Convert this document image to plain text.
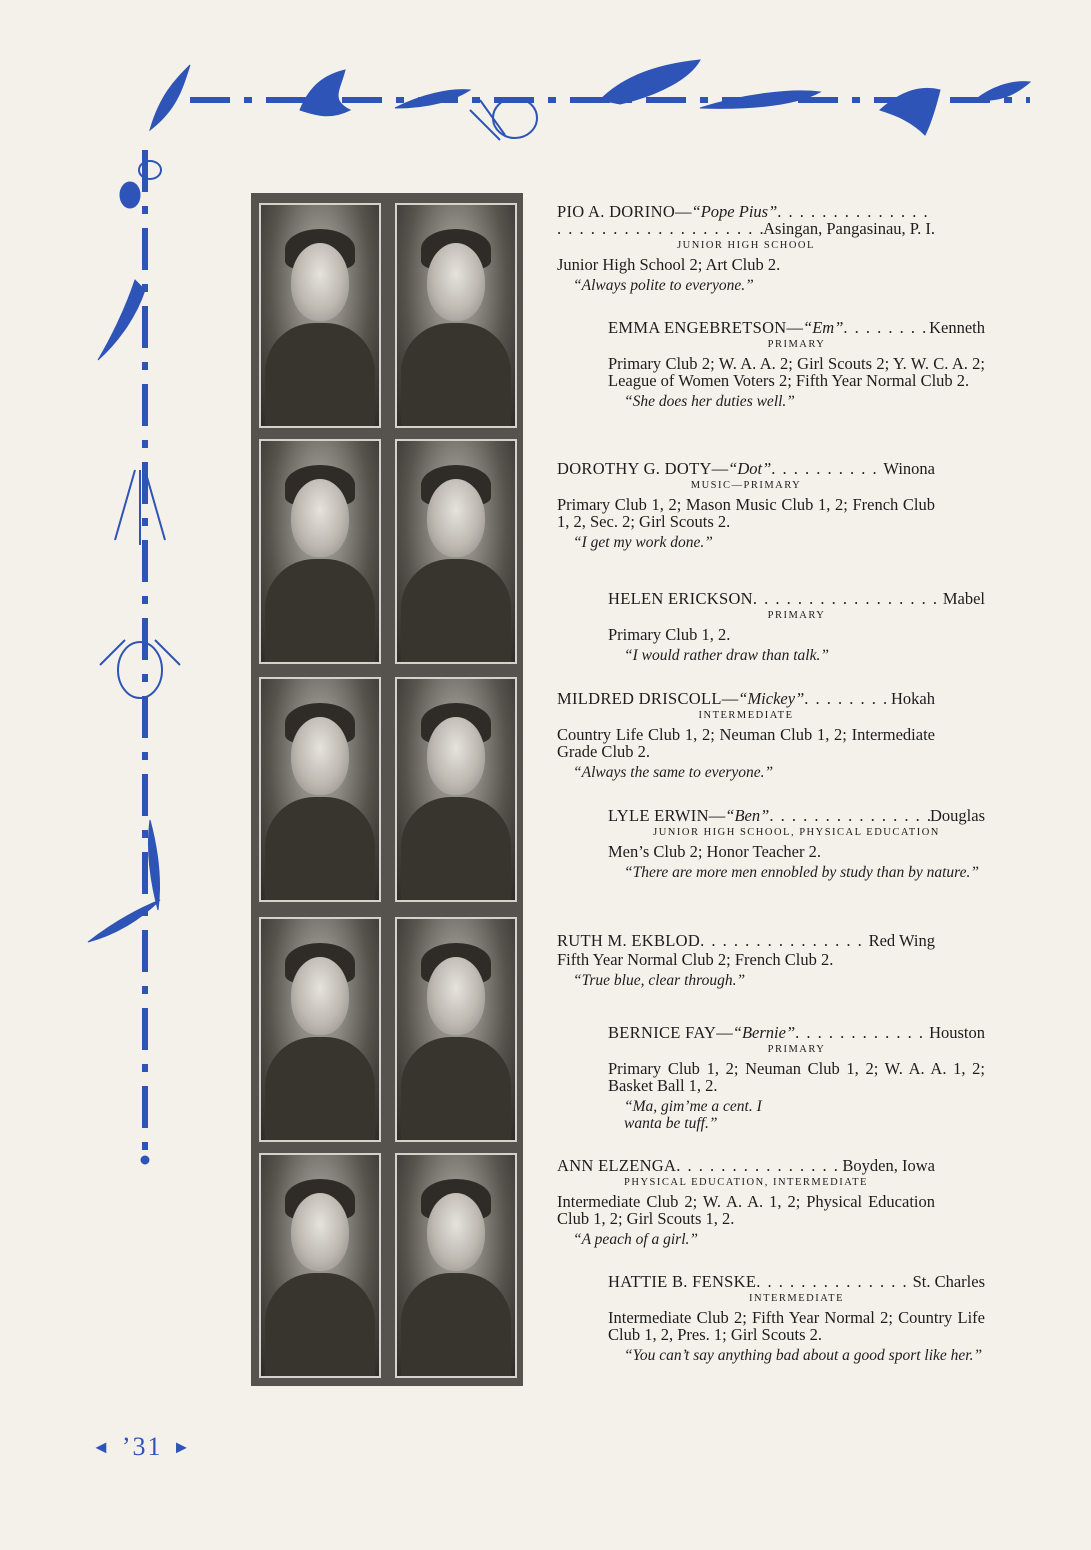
PIO A. DORINO — “Pope Pius”
. . .
. . .
Asingan, Pangasinau, P. I.
JUNIOR HIGH SCHOOL
Junior High School 2; Art Club 2.
“Always polite to everyone.”
EMMA ENGEBRETSON — “Em” . . .	Kenneth
PRIMARY
Primary Club 2; W. A. A. 2; Girl Scouts 2; Y. W. C. A. 2; League of Women Voters 2; Fifth Year Normal Club 2.
“She does her duties well.”
DOROTHY G. DOTY — “Dot” . . .	Winona
MUSIC—PRIMARY
Primary Club 1, 2; Mason Music Club 1, 2; French Club 1, 2, Sec. 2; Girl Scouts 2.
“I get my work done.”
HELEN ERICKSON . . .	Mabel
PRIMARY
Primary Club 1, 2.
“I would rather draw than talk.”
MILDRED DRISCOLL — “Mickey” . . .	Hokah
INTERMEDIATE
Country Life Club 1, 2; Neuman Club 1, 2; Intermediate Grade Club 2.
“Always the same to everyone.”
LYLE ERWIN — “Ben” . . .	Douglas
JUNIOR HIGH SCHOOL, PHYSICAL EDUCATION
Men’s Club 2; Honor Teacher 2.
“There are more men ennobled by study than by nature.”
RUTH M. EKBLOD . . .	Red Wing
Fifth Year Normal Club 2; French Club 2.
“True blue, clear through.”
BERNICE FAY — “Bernie” . . .	Houston
PRIMARY
Primary Club 1, 2; Neuman Club 1, 2; W. A. A. 1, 2; Basket Ball 1, 2.
“Ma, gim’me a cent. I wanta be tuff.”
ANN ELZENGA . . .	Boyden, Iowa
PHYSICAL EDUCATION, INTERMEDIATE
Intermediate Club 2; W. A. A. 1, 2; Physical Education Club 1, 2; Girl Scouts 1, 2.
“A peach of a girl.”
HATTIE B. FENSKE . . .	St. Charles
INTERMEDIATE
Intermediate Club 2; Fifth Year Normal 2; Country Life Club 1, 2, Pres. 1; Girl Scouts 2.
“You can’t say anything bad about a good sport like her.”
◄ ’31 ►
